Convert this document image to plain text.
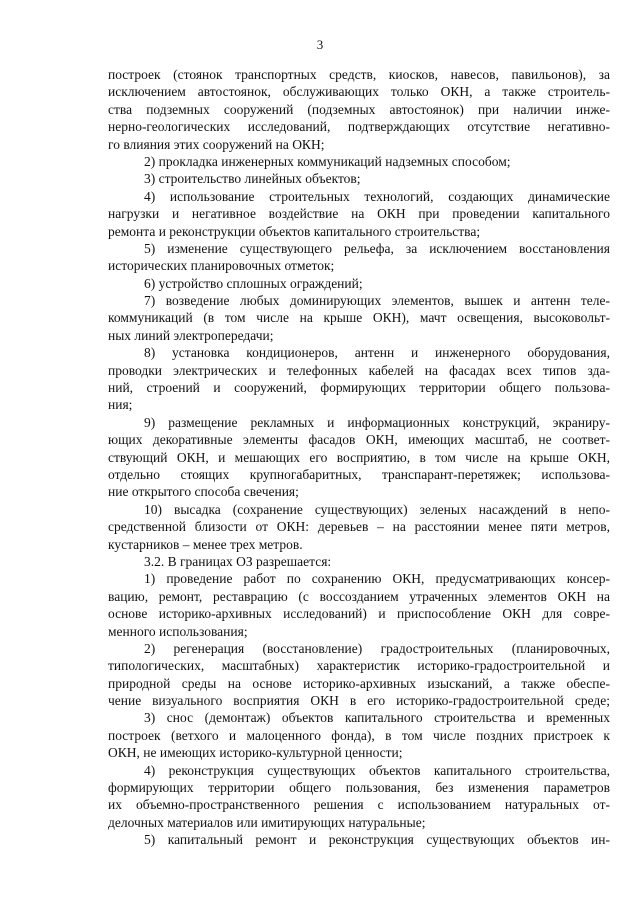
3
построек (стоянок транспортных средств, киосков, навесов, павильонов), за
исключением автостоянок, обслуживающих только ОКН, а также строитель-
ства подземных сооружений (подземных автостоянок) при наличии инже-
нерно-геологических исследований, подтверждающих отсутствие негативно-
го влияния этих сооружений на ОКН;
2) прокладка инженерных коммуникаций надземных способом;
3) строительство линейных объектов;
4) использование строительных технологий, создающих динамические
нагрузки и негативное воздействие на ОКН при проведении капитального
ремонта и реконструкции объектов капитального строительства;
5) изменение существующего рельефа, за исключением восстановления
исторических планировочных отметок;
6) устройство сплошных ограждений;
7) возведение любых доминирующих элементов, вышек и антенн теле-
коммуникаций (в том числе на крыше ОКН), мачт освещения, высоковольт-
ных линий электропередачи;
8) установка кондиционеров, антенн и инженерного оборудования,
проводки электрических и телефонных кабелей на фасадах всех типов зда-
ний, строений и сооружений, формирующих территории общего пользова-
ния;
9) размещение рекламных и информационных конструкций, экраниру-
ющих декоративные элементы фасадов ОКН, имеющих масштаб, не соответ-
ствующий ОКН, и мешающих его восприятию, в том числе на крыше ОКН,
отдельно стоящих крупногабаритных, транспарант-перетяжек; использова-
ние открытого способа свечения;
10) высадка (сохранение существующих) зеленых насаждений в непо-
средственной близости от ОКН: деревьев – на расстоянии менее пяти метров,
кустарников – менее трех метров.
3.2. В границах ОЗ разрешается:
1) проведение работ по сохранению ОКН, предусматривающих консер-
вацию, ремонт, реставрацию (с воссозданием утраченных элементов ОКН на
основе историко-архивных исследований) и приспособление ОКН для совре-
менного использования;
2) регенерация (восстановление) градостроительных (планировочных,
типологических, масштабных) характеристик историко-градостроительной и
природной среды на основе историко-архивных изысканий, а также обеспе-
чение визуального восприятия ОКН в его историко-градостроительной среде;
3) снос (демонтаж) объектов капитального строительства и временных
построек (ветхого и малоценного фонда), в том числе поздних пристроек к
ОКН, не имеющих историко-культурной ценности;
4) реконструкция существующих объектов капитального строительства,
формирующих территории общего пользования, без изменения параметров
их объемно-пространственного решения с использованием натуральных от-
делочных материалов или имитирующих натуральные;
5) капитальный ремонт и реконструкция существующих объектов ин-
